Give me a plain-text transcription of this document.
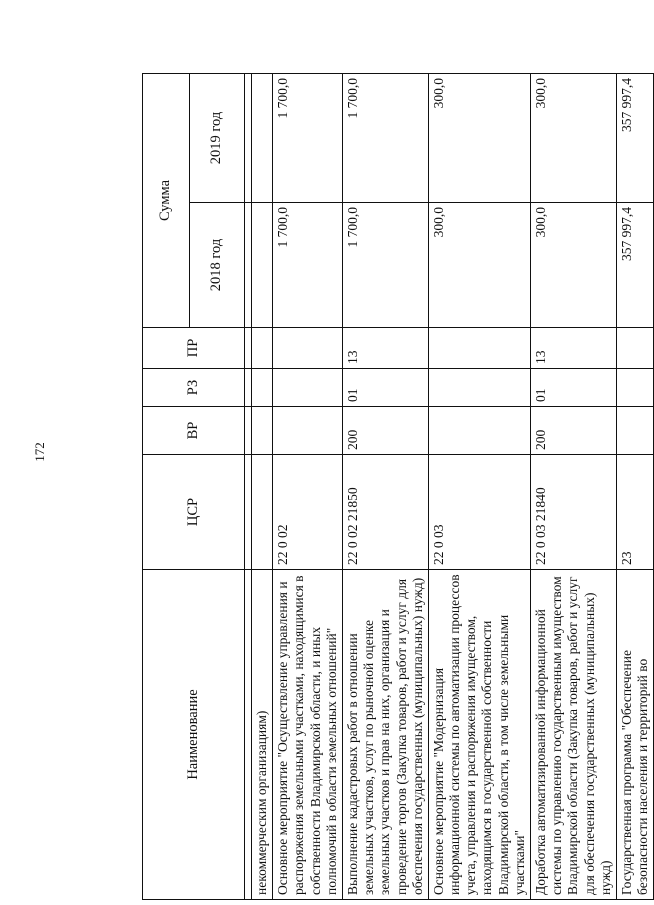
172
Наименование	ЦСР	ВР	РЗ	ПР	Сумма	
					2018 год	2019 год

некоммерческим организациям)						
Основное мероприятие "Осуществление управления и распоряжения земельными участками, находящимися в собственности Владимирской области, и иных полномочий в области земельных отношений"	22 0 02				1 700,0	1 700,0
Выполнение кадастровых работ в отношении земельных участков, услуг по рыночной оценке земельных участков и прав на них, организация и проведение торгов (Закупка товаров, работ и услуг для обеспечения государственных (муниципальных) нужд)	22 0 02 21850	200	01	13	1 700,0	1 700,0
Основное мероприятие "Модернизация информационной системы по автоматизации процессов учета, управления и распоряжения имуществом, находящимся в государственной собственности Владимирской области, в том числе земельными участками"	22 0 03				300,0	300,0
Доработка автоматизированной информационной системы по управлению государственным имуществом Владимирской области (Закупка товаров, работ и услуг для обеспечения государственных (муниципальных) нужд)	22 0 03 21840	200	01	13	300,0	300,0
Государственная программа "Обеспечение безопасности населения и территорий во	23				357 997,4	357 997,4
